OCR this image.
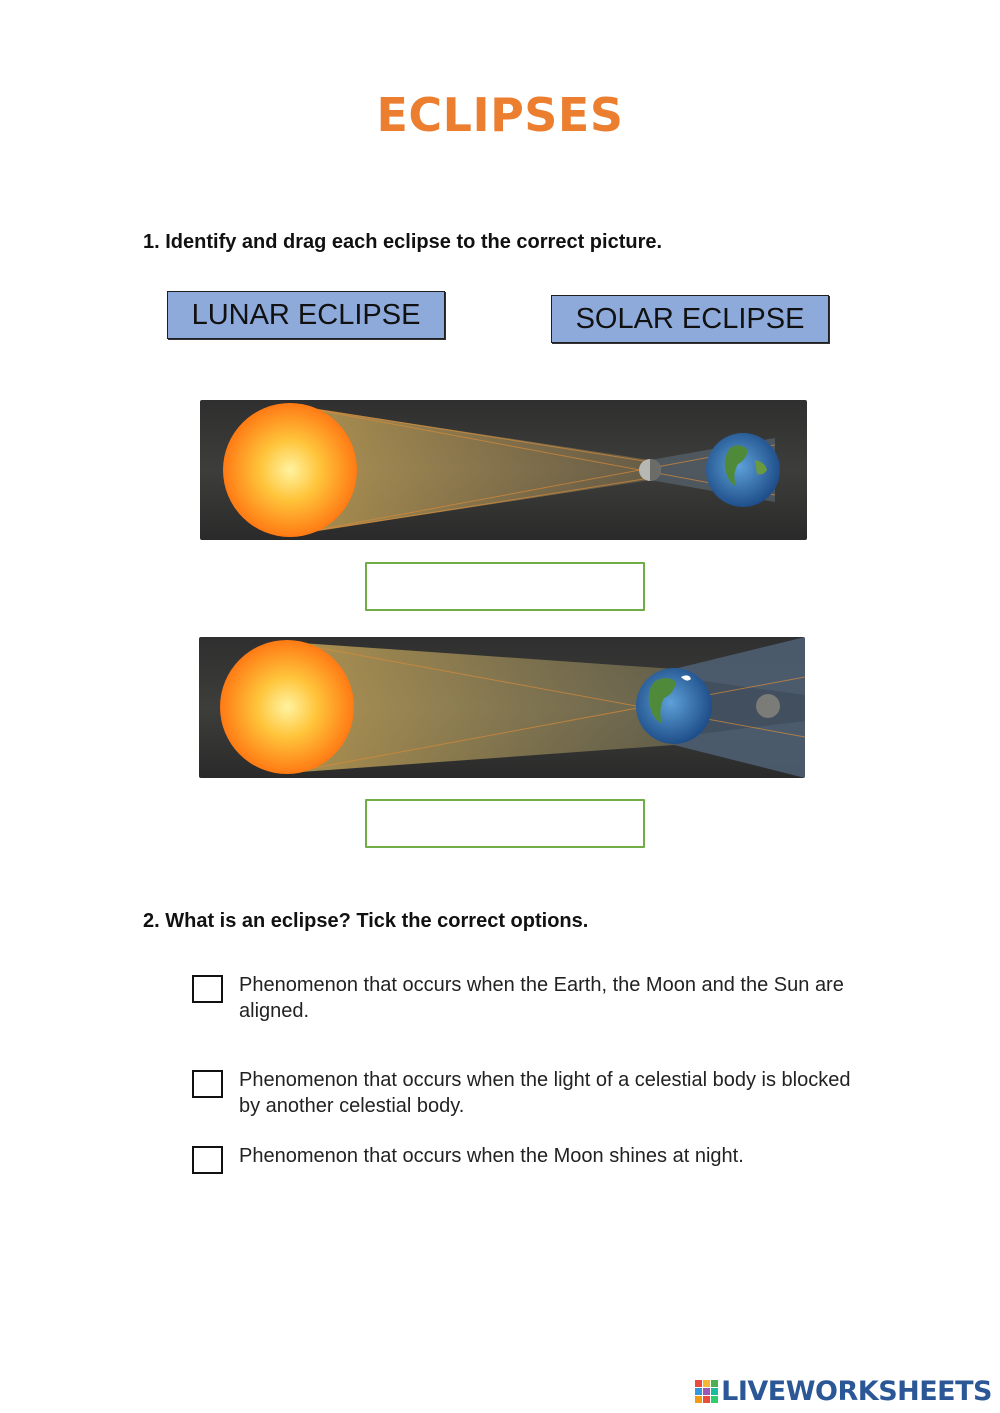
ECLIPSES
1. Identify and drag each eclipse to the correct picture.
LUNAR ECLIPSE	SOLAR ECLIPSE
2. What is an eclipse? Tick the correct options.
Phenomenon that occurs when the Earth, the Moon and the Sun are aligned.
Phenomenon that occurs when the light of a celestial body is blocked by another celestial body.
Phenomenon that occurs when the Moon shines at night.
LIVEWORKSHEETS
